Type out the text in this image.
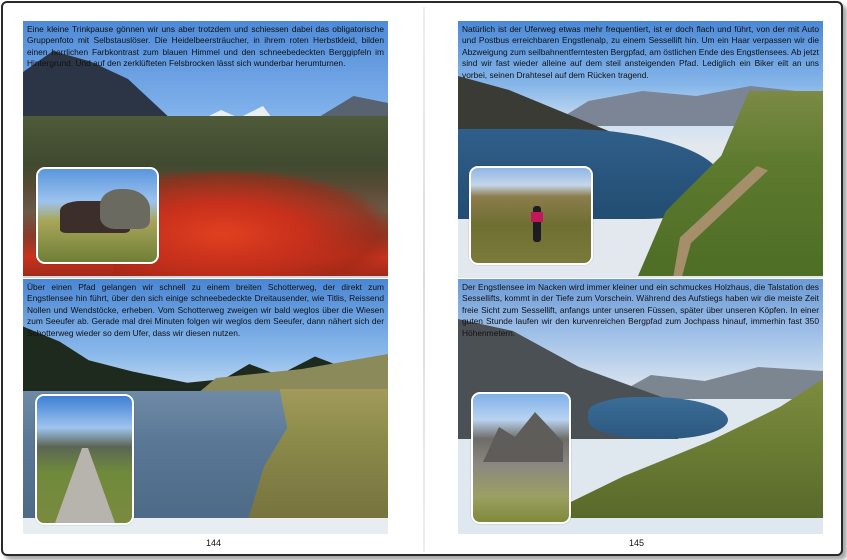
Eine kleine Trinkpause gönnen wir uns aber trotzdem und schiessen dabei das obligatorische Gruppenfoto mit Selbstauslöser. Die Heidelbeersträucher, in ihrem roten Herbstkleid, bilden einen herrlichen Farbkontrast zum blauen Himmel und den schneebedeckten Berggipfeln im Hintergrund. Und auf den zerklüfteten Felsbrocken lässt sich wunderbar herumturnen.
Über einen Pfad gelangen wir schnell zu einem breiten Schotterweg, der direkt zum Engstlensee hin führt, über den sich einige schneebedeckte Dreitausender, wie Titlis, Reissend Nollen und Wendstöcke, erheben. Vom Schotterweg zweigen wir bald weglos über die Wiesen zum Seeufer ab. Gerade mal drei Minuten folgen wir weglos dem Seeufer, dann nähert sich der Schotterweg wieder so dem Ufer, dass wir diesen nutzen.
144
Natürlich ist der Uferweg etwas mehr frequentiert, ist er doch flach und führt, von der mit Auto und Postbus erreichbaren Engstlenalp, zu einem Sessellift hin. Um ein Haar verpassen wir die Abzweigung zum seilbahnentferntesten Bergpfad, am östlichen Ende des Engstlensees. Ab jetzt sind wir fast wieder alleine auf dem steil ansteigenden Pfad. Lediglich ein Biker eilt an uns vorbei, seinen Drahtesel auf dem Rücken tragend.
Der Engstlensee im Nacken wird immer kleiner und ein schmuckes Holzhaus, die Talstation des Sessellifts, kommt in der Tiefe zum Vorschein. Während des Aufstiegs haben wir die meiste Zeit freie Sicht zum Sessellift, anfangs unter unseren Füssen, später über unseren Köpfen. In einer guten Stunde laufen wir den kurvenreichen Bergpfad zum Jochpass hinauf, immerhin fast 350 Höhenmetern.
145
